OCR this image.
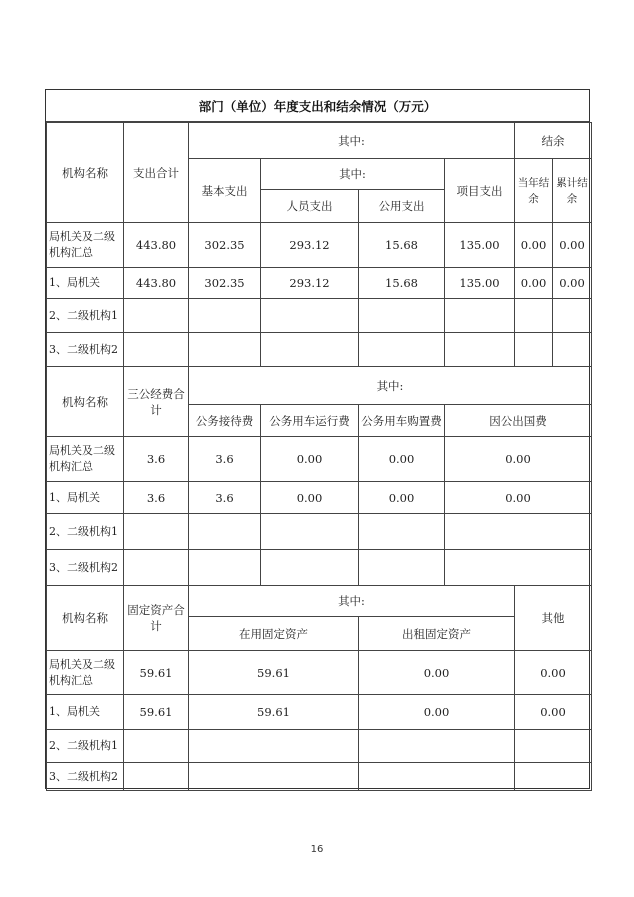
部门（单位）年度支出和结余情况（万元）
机构名称	支出合计	其中:				结余	
		基本支出	其中:		项目支出	当年结余	累计结余
			人员支出	公用支出			
局机关及二级机构汇总	443.80	302.35	293.12	15.68	135.00	0.00	0.00
1、局机关	443.80	302.35	293.12	15.68	135.00	0.00	0.00
2、二级机构1							
3、二级机构2							
机构名称	三公经费合计	其中:			
		公务接待费	公务用车运行费	公务用车购置费	因公出国费
局机关及二级机构汇总	3.6	3.6	0.00	0.00	0.00
1、局机关	3.6	3.6	0.00	0.00	0.00
2、二级机构1					
3、二级机构2					
机构名称	固定资产合计	其中:		其他
		在用固定资产	出租固定资产	
局机关及二级机构汇总	59.61	59.61	0.00	0.00
1、局机关	59.61	59.61	0.00	0.00
2、二级机构1				
3、二级机构2				
16
